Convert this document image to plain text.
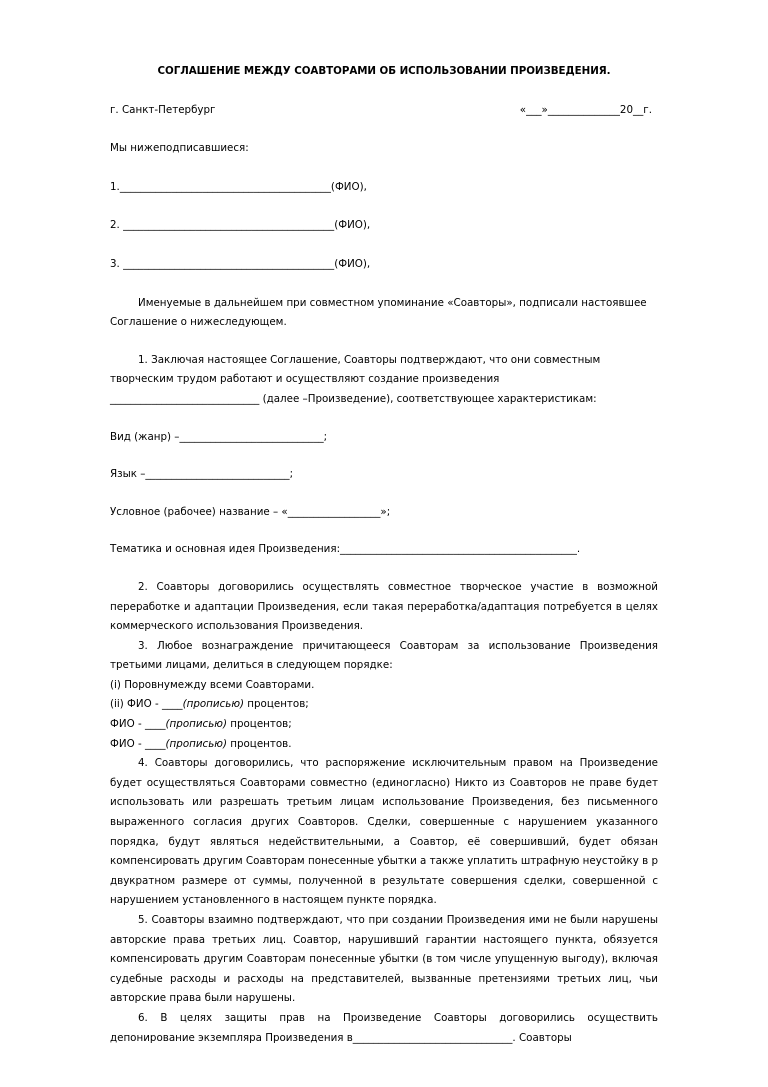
СОГЛАШЕНИЕ МЕЖДУ СОАВТОРАМИ ОБ ИСПОЛЬЗОВАНИИ ПРОИЗВЕДЕНИЯ.
г. Санкт-Петербург	«___»______________20__г.

Мы нижеподписавшиеся:

1._________________________________________(ФИО),

2. _________________________________________(ФИО),

3. _________________________________________(ФИО),

Именуемые в дальнейшем при совместном упоминание «Соавторы», подписали настоявшее Соглашение о нижеследующем.

1. Заключая настоящее Соглашение, Соавторы подтверждают, что они совместным творческим трудом работают и осуществляют создание произведения

_____________________________ (далее –Произведение), соответствующее характеристикам:

Вид (жанр) –____________________________;

Язык –____________________________;

Условное (рабочее) название – «__________________»;

Тематика и основная идея Произведения:______________________________________________.

2. Соавторы договорились осуществлять совместное творческое участие в возможной переработке и адаптации Произведения, если такая переработка/адаптация потребуется в целях коммерческого использования Произведения.

3. Любое вознаграждение причитающееся Соавторам за использование Произведения третьими лицами, делиться в следующем порядке:

(i) Поровнумежду всеми Соавторами.

(ii) ФИО - ____(прописью) процентов;

ФИО - ____(прописью) процентов;

ФИО - ____(прописью) процентов.

4. Соавторы договорились, что распоряжение исключительным правом на Произведение будет осуществляться Соавторами совместно (единогласно) Никто из Соавторов не праве будет использовать или разрешать третьим лицам использование Произведения, без письменного выраженного согласия других Соавторов. Сделки, совершенные с нарушением указанного порядка, будут являться недействительными, а Соавтор, её совершивший, будет обязан компенсировать другим Соавторам понесенные убытки а также уплатить штрафную неустойку в р двукратном размере от суммы, полученной в результате совершения сделки, совершенной с нарушением установленного в настоящем пункте порядка.

5. Соавторы взаимно подтверждают, что при создании Произведения ими не были нарушены авторские права третьих лиц. Соавтор, нарушивший гарантии настоящего пункта, обязуется компенсировать другим Соавторам понесенные убытки (в том числе упущенную выгоду), включая судебные расходы и расходы на представителей, вызванные претензиями третьих лиц, чьи авторские права были нарушены.

6. В целях защиты прав на Произведение Соавторы договорились осуществить депонирование экземпляра Произведения в_______________________________. Соавторы
